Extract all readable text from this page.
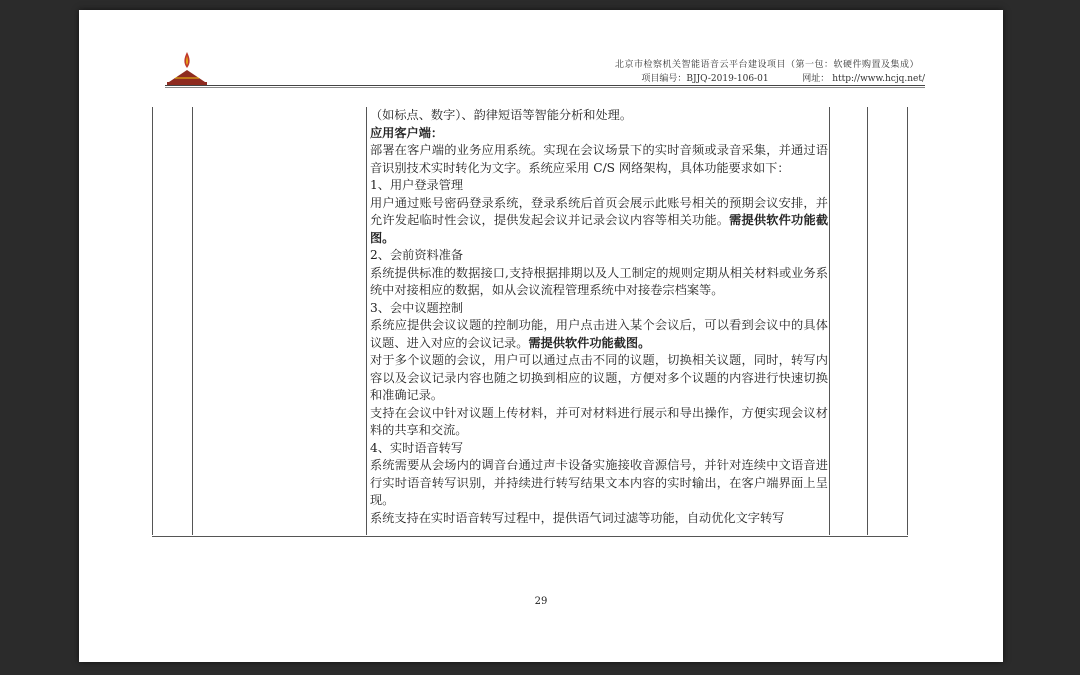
北京市检察机关智能语音云平台建设项目（第一包：软硬件购置及集成）
项目编号：BJJQ-2019-106-01	网址： http://www.hcjq.net/

（如标点、数字）、韵律短语等智能分析和处理。

应用客户端：

部署在客户端的业务应用系统。实现在会议场景下的实时音频或录音采集，并通过语音识别技术实时转化为文字。系统应采用 C/S 网络架构，具体功能要求如下：

1、用户登录管理

用户通过账号密码登录系统，登录系统后首页会展示此账号相关的预期会议安排，并允许发起临时性会议，提供发起会议并记录会议内容等相关功能。需提供软件功能截图。

2、会前资料准备

系统提供标准的数据接口,支持根据排期以及人工制定的规则定期从相关材料或业务系统中对接相应的数据，如从会议流程管理系统中对接卷宗档案等。

3、会中议题控制

系统应提供会议议题的控制功能，用户点击进入某个会议后，可以看到会议中的具体议题、进入对应的会议记录。需提供软件功能截图。

对于多个议题的会议，用户可以通过点击不同的议题，切换相关议题，同时，转写内容以及会议记录内容也随之切换到相应的议题，方便对多个议题的内容进行快速切换和准确记录。

支持在会议中针对议题上传材料，并可对材料进行展示和导出操作，方便实现会议材料的共享和交流。

4、实时语音转写

系统需要从会场内的调音台通过声卡设备实施接收音源信号，并针对连续中文语音进行实时语音转写识别，并持续进行转写结果文本内容的实时输出，在客户端界面上呈现。

系统支持在实时语音转写过程中，提供语气词过滤等功能，自动优化文字转写

29
